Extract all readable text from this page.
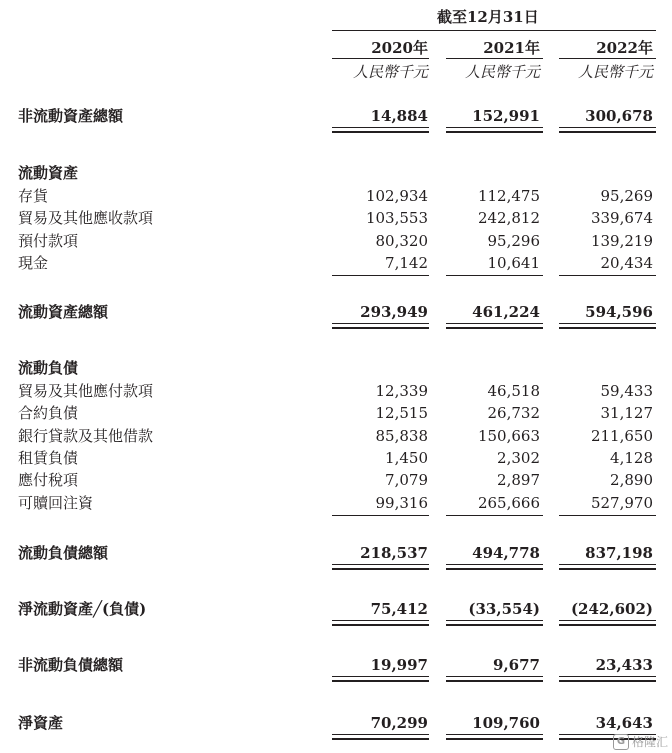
截至12月31日
2020年	2021年	2022年
人民幣千元	人民幣千元	人民幣千元
非流動資產總額	14,884	152,991	300,678
流動資產
存貨	102,934	112,475	95,269
貿易及其他應收款項	103,553	242,812	339,674
預付款項	80,320	95,296	139,219
現金	7,142	10,641	20,434
流動資產總額	293,949	461,224	594,596
流動負債
貿易及其他應付款項	12,339	46,518	59,433
合約負債	12,515	26,732	31,127
銀行貸款及其他借款	85,838	150,663	211,650
租賃負債	1,450	2,302	4,128
應付稅項	7,079	2,897	2,890
可贖回注資	99,316	265,666	527,970
流動負債總額	218,537	494,778	837,198
淨流動資產╱(負債)	75,412	(33,554)	(242,602)
非流動負債總額	19,997	9,677	23,433
淨資產	70,299	109,760	34,643
G 格隆汇
